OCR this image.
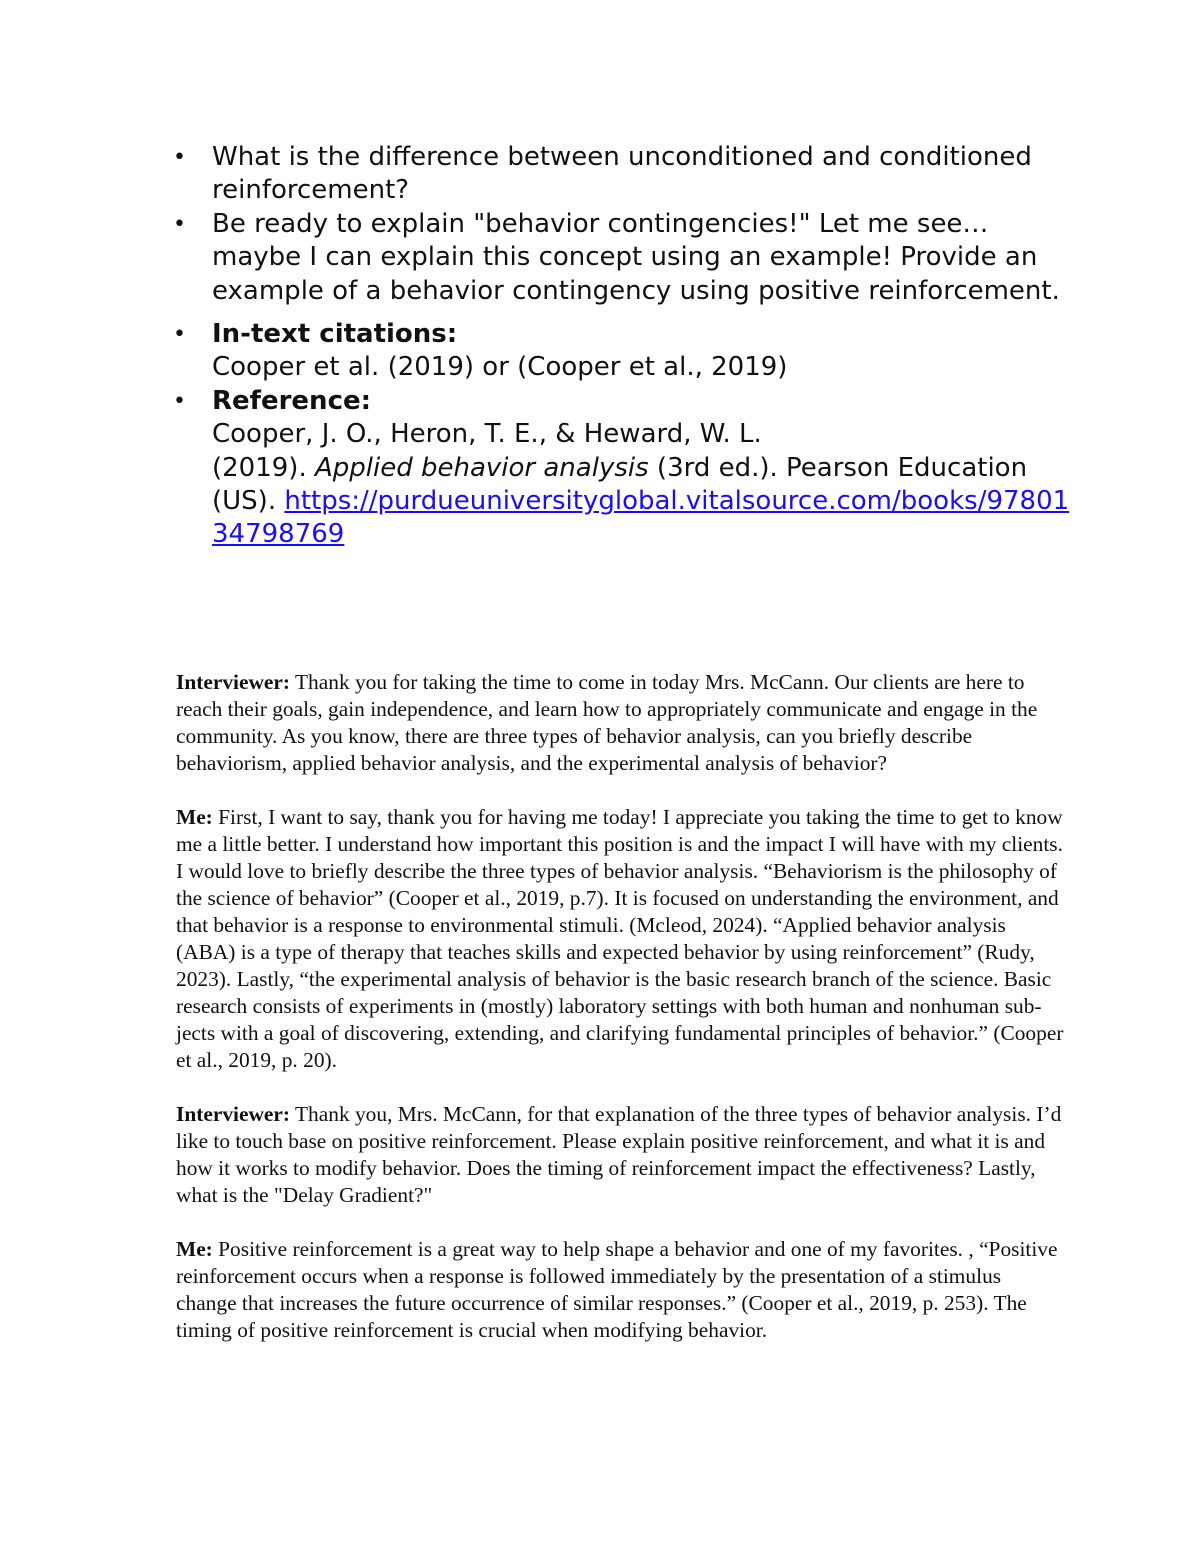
• What is the difference between unconditioned and conditioned reinforcement?
• Be ready to explain "behavior contingencies!" Let me see… maybe I can explain this concept using an example! Provide an example of a behavior contingency using positive reinforcement.
• In-text citations:
Cooper et al. (2019) or (Cooper et al., 2019)
• Reference:
Cooper, J. O., Heron, T. E., & Heward, W. L.
(2019). Applied behavior analysis (3rd ed.). Pearson Education (US). https://purdueuniversityglobal.vitalsource.com/books/9780134798769

Interviewer: Thank you for taking the time to come in today Mrs. McCann. Our clients are here to reach their goals, gain independence, and learn how to appropriately communicate and engage in the community. As you know, there are three types of behavior analysis, can you briefly describe behaviorism, applied behavior analysis, and the experimental analysis of behavior?

Me: First, I want to say, thank you for having me today! I appreciate you taking the time to get to know me a little better. I understand how important this position is and the impact I will have with my clients. I would love to briefly describe the three types of behavior analysis. “Behaviorism is the philosophy of the science of behavior” (Cooper et al., 2019, p.7). It is focused on understanding the environment, and that behavior is a response to environmental stimuli. (Mcleod, 2024). “Applied behavior analysis (ABA) is a type of therapy that teaches skills and expected behavior by using reinforcement” (Rudy, 2023). Lastly, “the experimental analysis of behavior is the basic research branch of the science. Basic research consists of experiments in (mostly) laboratory settings with both human and nonhuman sub-jects with a goal of discovering, extending, and clarifying fundamental principles of behavior.” (Cooper et al., 2019, p. 20).

Interviewer: Thank you, Mrs. McCann, for that explanation of the three types of behavior analysis. I’d like to touch base on positive reinforcement. Please explain positive reinforcement, and what it is and how it works to modify behavior. Does the timing of reinforcement impact the effectiveness? Lastly, what is the "Delay Gradient?"

Me: Positive reinforcement is a great way to help shape a behavior and one of my favorites. , “Positive reinforcement occurs when a response is followed immediately by the presentation of a stimulus change that increases the future occurrence of similar responses.” (Cooper et al., 2019, p. 253). The timing of positive reinforcement is crucial when modifying behavior.
